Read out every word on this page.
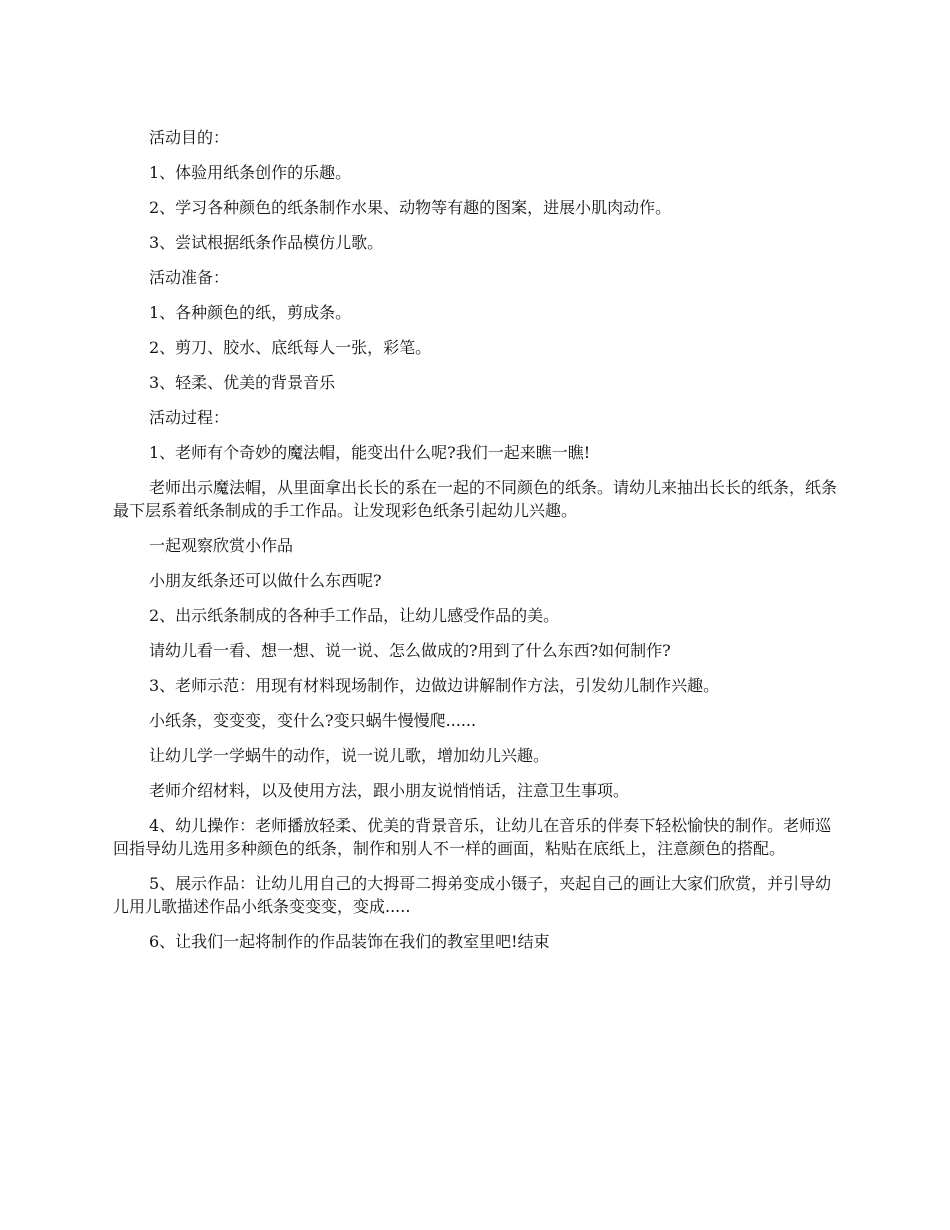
活动目的：

1、体验用纸条创作的乐趣。

2、学习各种颜色的纸条制作水果、动物等有趣的图案，进展小肌肉动作。

3、尝试根据纸条作品模仿儿歌。

活动准备：

1、各种颜色的纸，剪成条。

2、剪刀、胶水、底纸每人一张，彩笔。

3、轻柔、优美的背景音乐

活动过程：

1、老师有个奇妙的魔法帽，能变出什么呢?我们一起来瞧一瞧!

老师出示魔法帽，从里面拿出长长的系在一起的不同颜色的纸条。请幼儿来抽出长长的纸条，纸条最下层系着纸条制成的手工作品。让发现彩色纸条引起幼儿兴趣。

一起观察欣赏小作品

小朋友纸条还可以做什么东西呢?

2、出示纸条制成的各种手工作品，让幼儿感受作品的美。

请幼儿看一看、想一想、说一说、怎么做成的?用到了什么东西?如何制作?

3、老师示范：用现有材料现场制作，边做边讲解制作方法，引发幼儿制作兴趣。

小纸条，变变变，变什么?变只蜗牛慢慢爬......

让幼儿学一学蜗牛的动作，说一说儿歌，增加幼儿兴趣。

老师介绍材料，以及使用方法，跟小朋友说悄悄话，注意卫生事项。

4、幼儿操作：老师播放轻柔、优美的背景音乐，让幼儿在音乐的伴奏下轻松愉快的制作。老师巡回指导幼儿选用多种颜色的纸条，制作和别人不一样的画面，粘贴在底纸上，注意颜色的搭配。

5、展示作品：让幼儿用自己的大拇哥二拇弟变成小镊子，夹起自己的画让大家们欣赏，并引导幼儿用儿歌描述作品小纸条变变变，变成.....

6、让我们一起将制作的作品装饰在我们的教室里吧!结束
